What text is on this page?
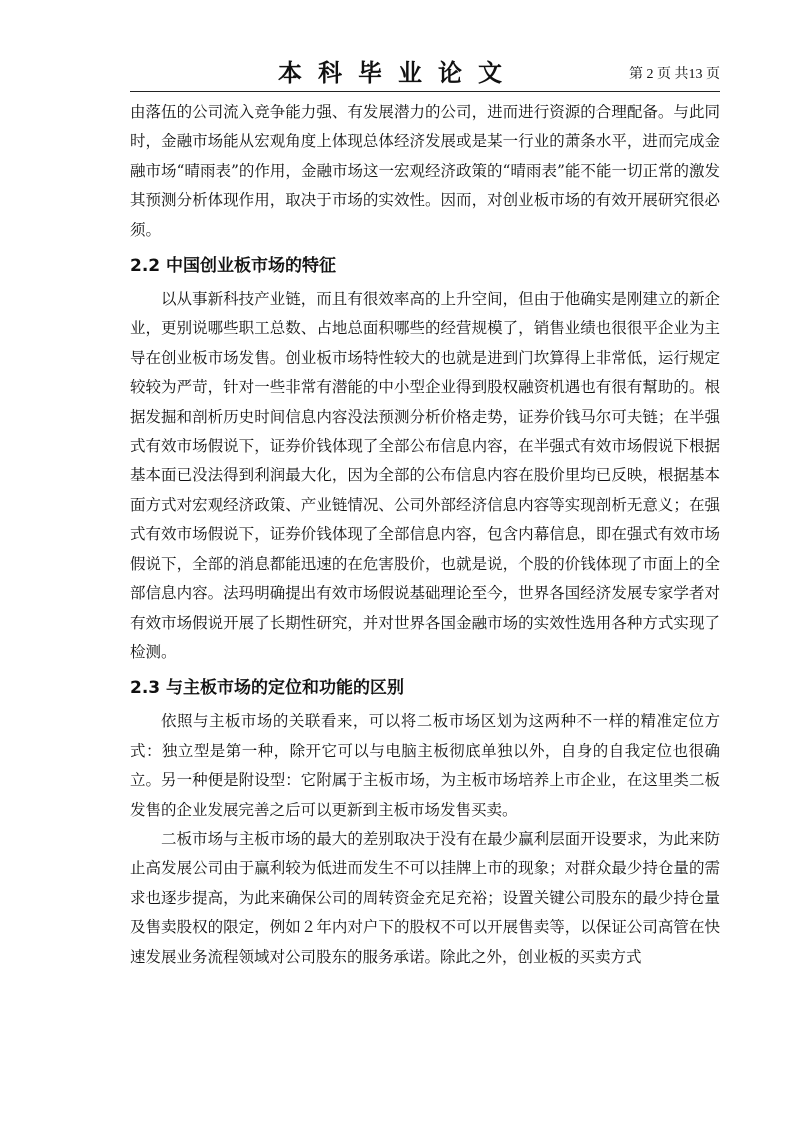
本科毕业论文	第 2 页 共13 页

由落伍的公司流入竞争能力强、有发展潜力的公司，进而进行资源的合理配备。与此同时，金融市场能从宏观角度上体现总体经济发展或是某一行业的萧条水平，进而完成金融市场“晴雨表”的作用，金融市场这一宏观经济政策的“晴雨表”能不能一切正常的激发其预测分析体现作用，取决于市场的实效性。因而，对创业板市场的有效开展研究很必须。

2.2 中国创业板市场的特征

以从事新科技产业链，而且有很效率高的上升空间，但由于他确实是刚建立的新企业，更别说哪些职工总数、占地总面积哪些的经营规模了，销售业绩也很很平企业为主导在创业板市场发售。创业板市场特性较大的也就是进到门坎算得上非常低，运行规定较较为严苛，针对一些非常有潜能的中小型企业得到股权融资机遇也有很有幫助的。根据发掘和剖析历史时间信息内容没法预测分析价格走势，证券价钱马尔可夫链；在半强式有效市场假说下，证券价钱体现了全部公布信息内容，在半强式有效市场假说下根据基本面已没法得到利润最大化，因为全部的公布信息内容在股价里均已反映，根据基本面方式对宏观经济政策、产业链情况、公司外部经济信息内容等实现剖析无意义；在强式有效市场假说下，证券价钱体现了全部信息内容，包含内幕信息，即在强式有效市场假说下，全部的消息都能迅速的在危害股价，也就是说，个股的价钱体现了市面上的全部信息内容。法玛明确提出有效市场假说基础理论至今，世界各国经济发展专家学者对有效市场假说开展了长期性研究，并对世界各国金融市场的实效性选用各种方式实现了检测。

2.3 与主板市场的定位和功能的区别

依照与主板市场的关联看来，可以将二板市场区划为这两种不一样的精准定位方式：独立型是第一种，除开它可以与电脑主板彻底单独以外，自身的自我定位也很确立。另一种便是附设型：它附属于主板市场，为主板市场培养上市企业，在这里类二板发售的企业发展完善之后可以更新到主板市场发售买卖。

二板市场与主板市场的最大的差别取决于没有在最少赢利层面开设要求，为此来防止高发展公司由于赢利较为低进而发生不可以挂牌上市的现象；对群众最少持仓量的需求也逐步提高，为此来确保公司的周转资金充足充裕；设置关键公司股东的最少持仓量及售卖股权的限定，例如２年内对户下的股权不可以开展售卖等，以保证公司高管在快速发展业务流程领域对公司股东的服务承诺。除此之外，创业板的买卖方式
